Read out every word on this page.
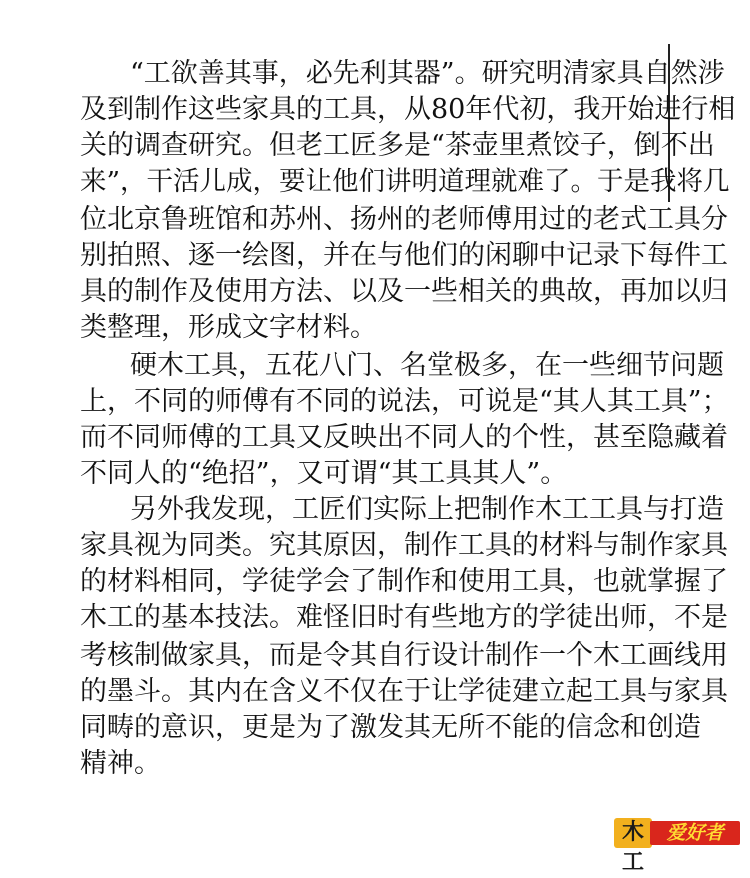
“工欲善其事，必先利其器”。研究明清家具自然涉
及到制作这些家具的工具，从80年代初，我开始进行相
关的调查研究。但老工匠多是“茶壶里煮饺子，倒不出
来”，干活儿成，要让他们讲明道理就难了。于是我将几
位北京鲁班馆和苏州、扬州的老师傅用过的老式工具分
别拍照、逐一绘图，并在与他们的闲聊中记录下每件工
具的制作及使用方法、以及一些相关的典故，再加以归
类整理，形成文字材料。
硬木工具，五花八门、名堂极多，在一些细节问题
上，不同的师傅有不同的说法，可说是“其人其工具”；
而不同师傅的工具又反映出不同人的个性，甚至隐藏着
不同人的“绝招”，又可谓“其工具其人”。
另外我发现，工匠们实际上把制作木工工具与打造
家具视为同类。究其原因，制作工具的材料与制作家具
的材料相同，学徒学会了制作和使用工具，也就掌握了
木工的基本技法。难怪旧时有些地方的学徒出师，不是
考核制做家具，而是令其自行设计制作一个木工画线用
的墨斗。其内在含义不仅在于让学徒建立起工具与家具
同畴的意识，更是为了激发其无所不能的信念和创造
精神。
木工
爱好者
